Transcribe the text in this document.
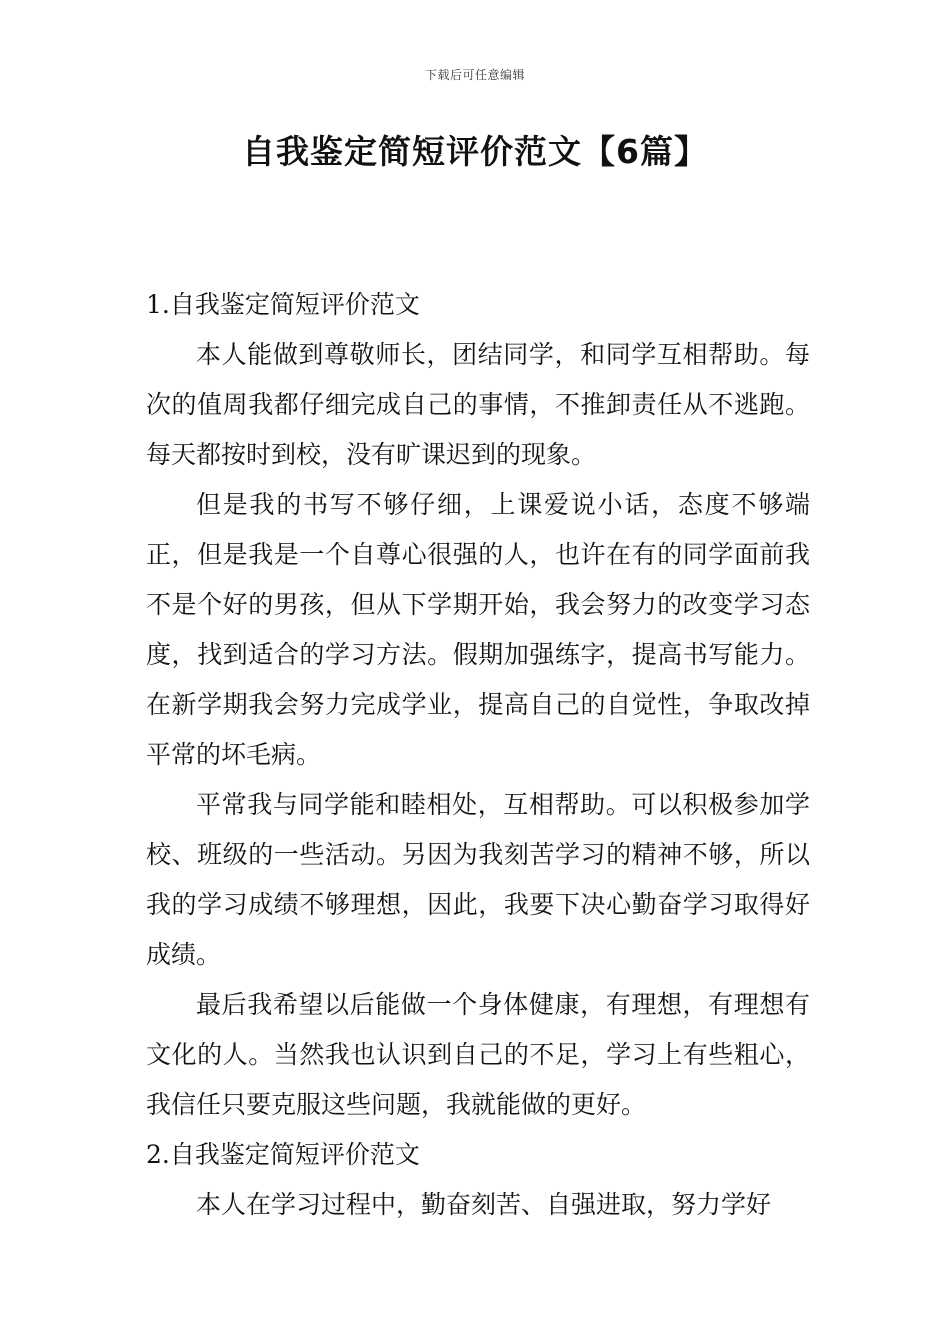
下载后可任意编辑
自我鉴定简短评价范文【6篇】

1.自我鉴定简短评价范文

本人能做到尊敬师长，团结同学，和同学互相帮助。每次的值周我都仔细完成自己的事情，不推卸责任从不逃跑。每天都按时到校，没有旷课迟到的现象。

但是我的书写不够仔细，上课爱说小话，态度不够端正，但是我是一个自尊心很强的人，也许在有的同学面前我不是个好的男孩，但从下学期开始，我会努力的改变学习态度，找到适合的学习方法。假期加强练字，提高书写能力。在新学期我会努力完成学业，提高自己的自觉性，争取改掉平常的坏毛病。

平常我与同学能和睦相处，互相帮助。可以积极参加学校、班级的一些活动。另因为我刻苦学习的精神不够，所以我的学习成绩不够理想，因此，我要下决心勤奋学习取得好成绩。

最后我希望以后能做一个身体健康，有理想，有理想有文化的人。当然我也认识到自己的不足，学习上有些粗心，我信任只要克服这些问题，我就能做的更好。

2.自我鉴定简短评价范文

本人在学习过程中，勤奋刻苦、自强进取，努力学好
